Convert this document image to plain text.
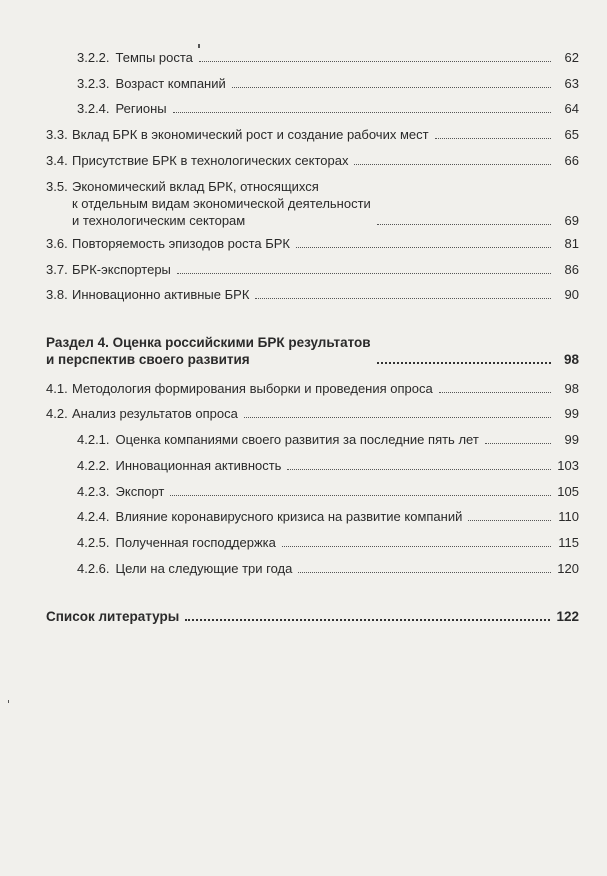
3.2.2. Темпы роста	62
3.2.3. Возраст компаний	63
3.2.4. Регионы	64
3.3. Вклад БРК в экономический рост и создание рабочих мест	65
3.4. Присутствие БРК в технологических секторах	66
3.5. Экономический вклад БРК, относящихся
к отдельным видам экономической деятельности
и технологическим секторам	69
3.6. Повторяемость эпизодов роста БРК	81
3.7. БРК-экспортеры	86
3.8. Инновационно активные БРК	90
Раздел 4. Оценка российскими БРК результатов
и перспектив своего развития	98
4.1. Методология формирования выборки и проведения опроса	98
4.2. Анализ результатов опроса	99
4.2.1. Оценка компаниями своего развития за последние пять лет	99
4.2.2. Инновационная активность	103
4.2.3. Экспорт	105
4.2.4. Влияние коронавирусного кризиса на развитие компаний	110
4.2.5. Полученная господдержка	115
4.2.6. Цели на следующие три года	120
Список литературы	122
